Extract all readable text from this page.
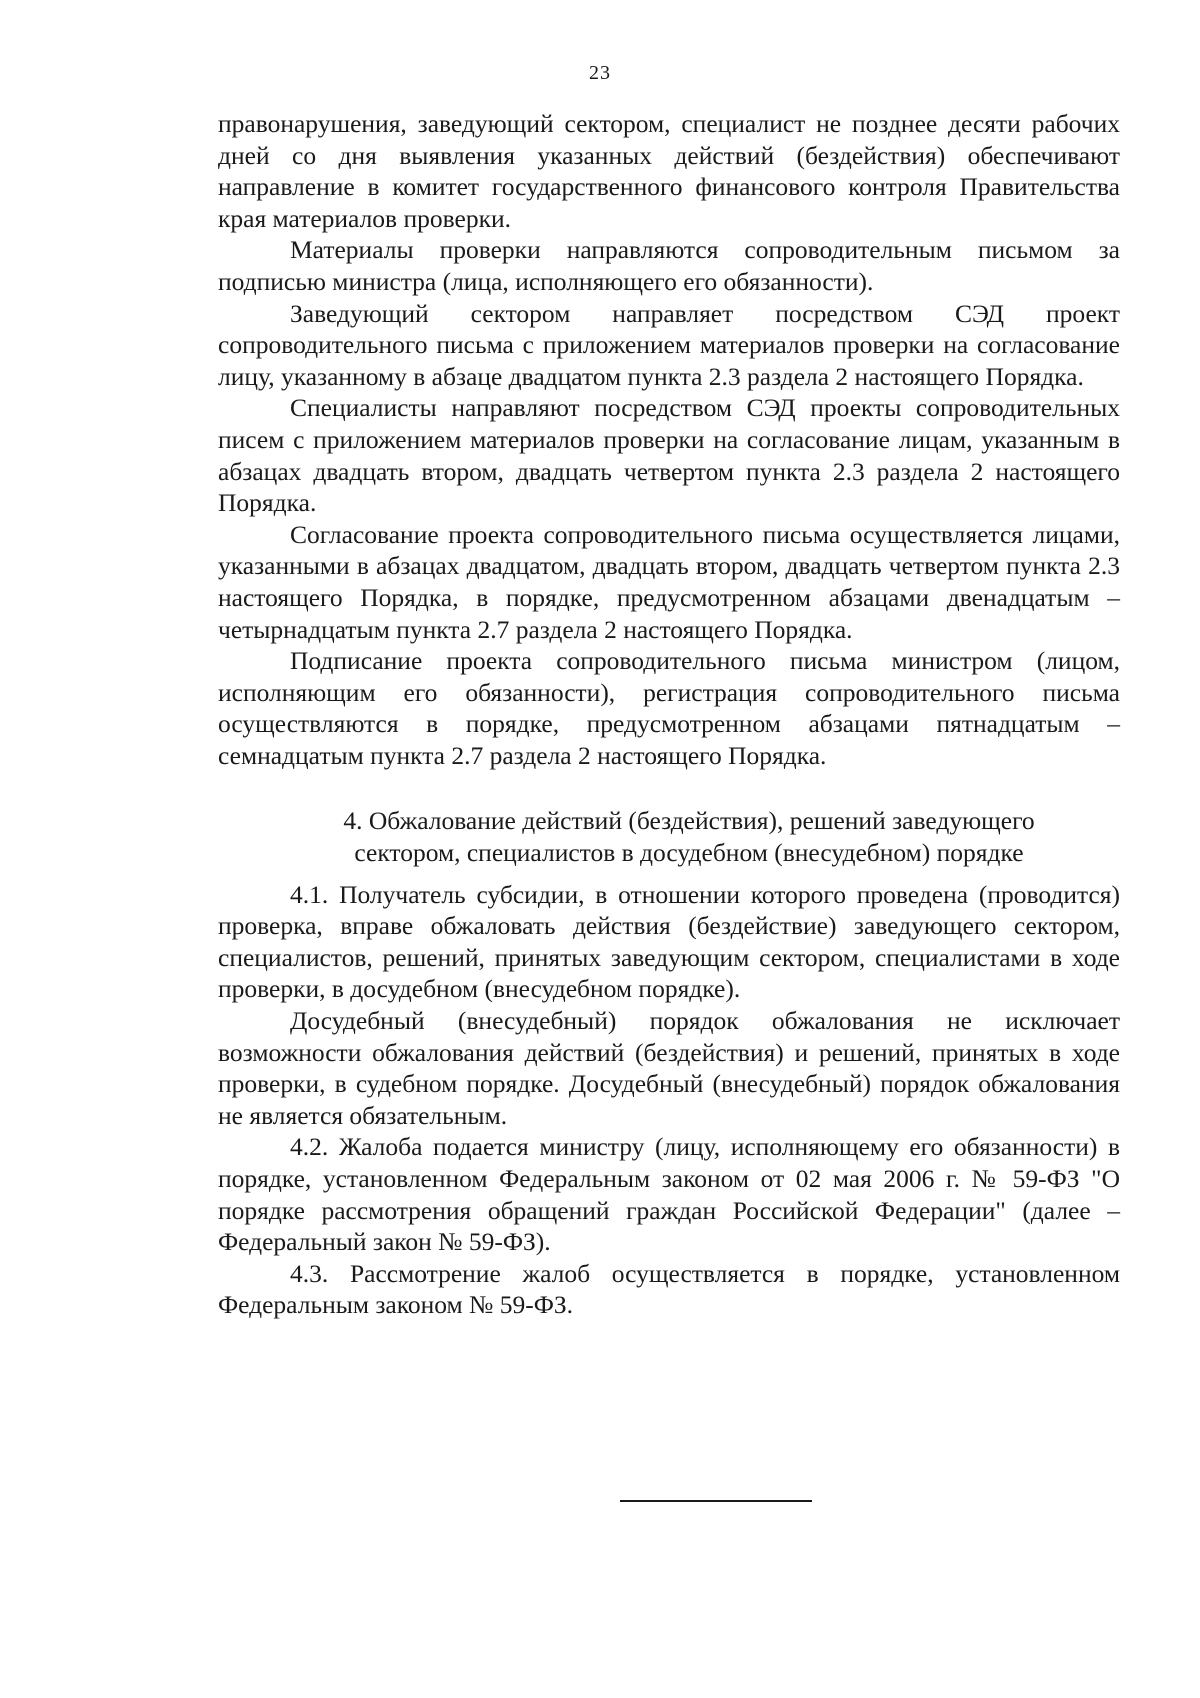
23

правонарушения, заведующий сектором, специалист не позднее десяти рабочих дней со дня выявления указанных действий (бездействия) обеспечивают направление в комитет государственного финансового контроля Правительства края материалов проверки.

Материалы проверки направляются сопроводительным письмом за подписью министра (лица, исполняющего его обязанности).

Заведующий сектором направляет посредством СЭД проект сопроводительного письма с приложением материалов проверки на согласование лицу, указанному в абзаце двадцатом пункта 2.3 раздела 2 настоящего Порядка.

Специалисты направляют посредством СЭД проекты сопроводительных писем с приложением материалов проверки на согласование лицам, указанным в абзацах двадцать втором, двадцать четвертом пункта 2.3 раздела 2 настоящего Порядка.

Согласование проекта сопроводительного письма осуществляется лицами, указанными в абзацах двадцатом, двадцать втором, двадцать четвертом пункта 2.3 настоящего Порядка, в порядке, предусмотренном абзацами двенадцатым – четырнадцатым пункта 2.7 раздела 2 настоящего Порядка.

Подписание проекта сопроводительного письма министром (лицом, исполняющим его обязанности), регистрация сопроводительного письма осуществляются в порядке, предусмотренном абзацами пятнадцатым – семнадцатым пункта 2.7 раздела 2 настоящего Порядка.

4. Обжалование действий (бездействия), решений заведующего
сектором, специалистов в досудебном (внесудебном) порядке

4.1. Получатель субсидии, в отношении которого проведена (проводится) проверка, вправе обжаловать действия (бездействие) заведующего сектором, специалистов, решений, принятых заведующим сектором, специалистами в ходе проверки, в досудебном (внесудебном порядке).

Досудебный (внесудебный) порядок обжалования не исключает возможности обжалования действий (бездействия) и решений, принятых в ходе проверки, в судебном порядке. Досудебный (внесудебный) порядок обжалования не является обязательным.

4.2. Жалоба подается министру (лицу, исполняющему его обязанности) в порядке, установленном Федеральным законом от 02 мая 2006 г. № 59-ФЗ "О порядке рассмотрения обращений граждан Российской Федерации" (далее – Федеральный закон № 59-ФЗ).

4.3. Рассмотрение жалоб осуществляется в порядке, установленном Федеральным законом № 59-ФЗ.
